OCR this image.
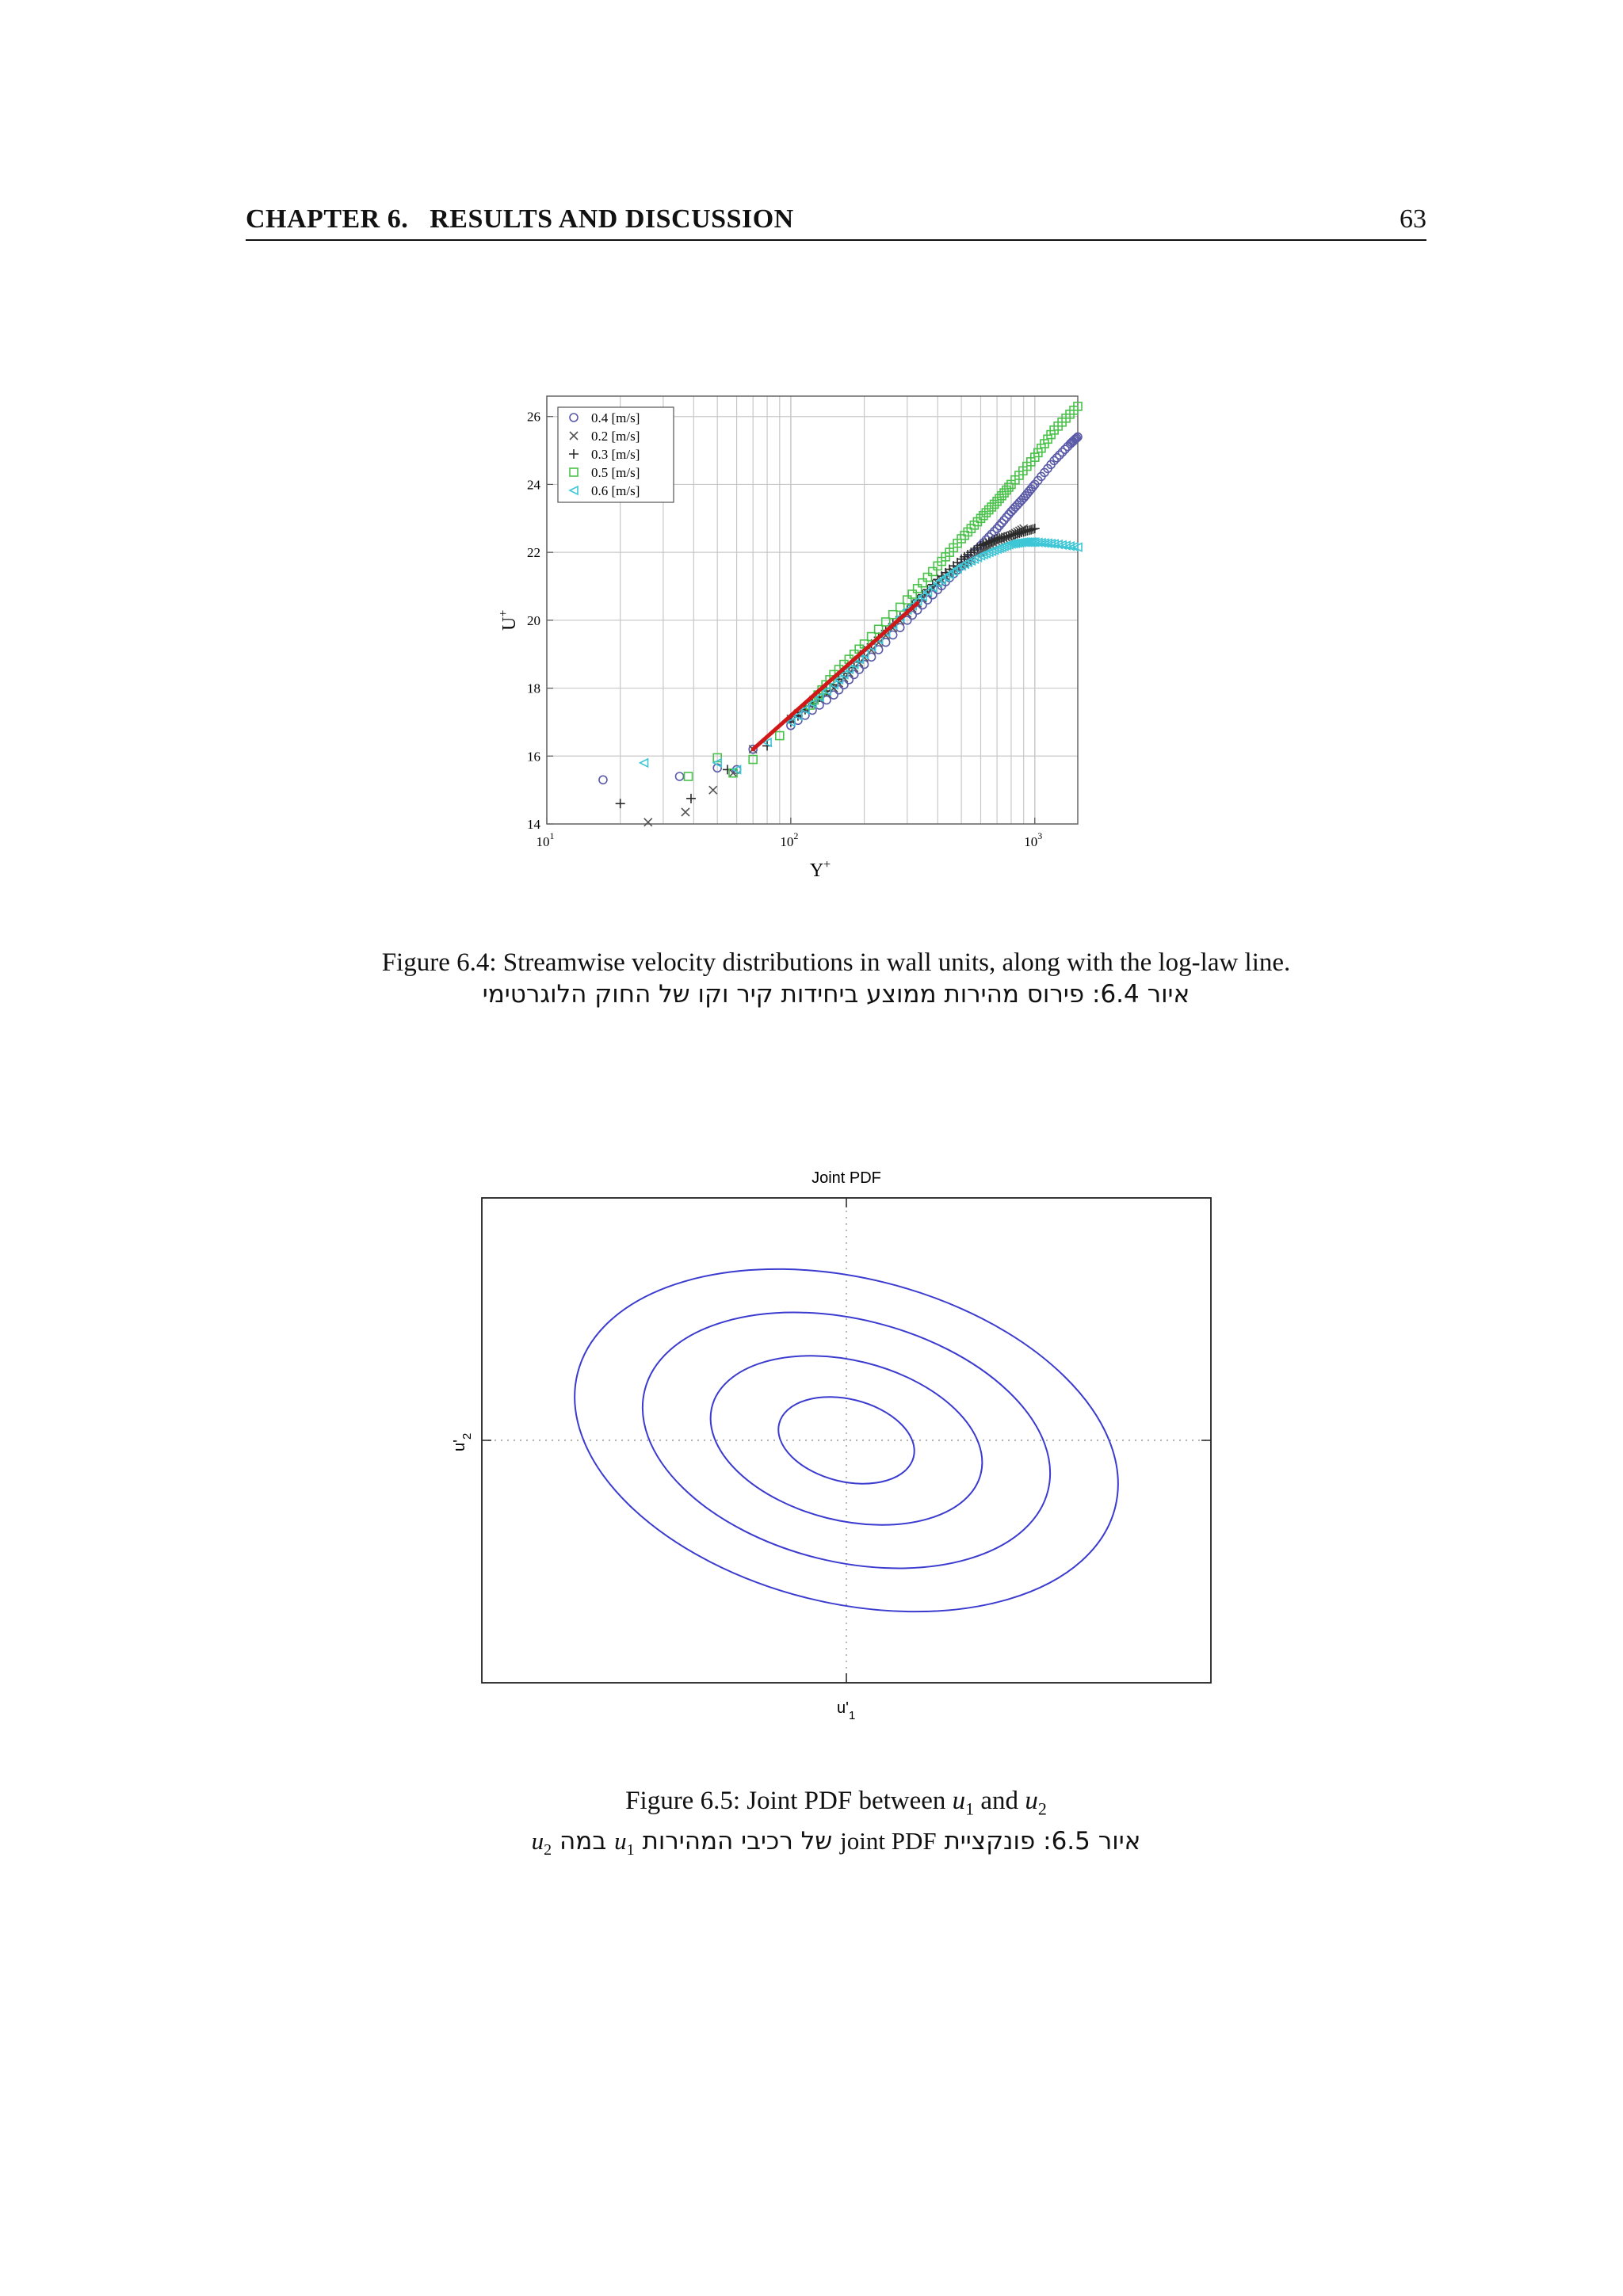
CHAPTER 6.   RESULTS AND DISCUSSION	63
14
16
18
20
22
24
26
$10^1$	$10^2$	$10^3$
0.4 [m/s]
0.2 [m/s]
0.3 [m/s]
0.5 [m/s]
0.6 [m/s]
Y+
U+
Figure 6.4: Streamwise velocity distributions in wall units, along with the log-law line.
איור 6.4: פירוס מהירות ממוצע ביחידות קיר וקו של החוק הלוגרטימי
Joint PDF
$u'_1$
$u'_2$
Figure 6.5: Joint PDF between $u_1$ and $u_2$
איור 6.5: פונקציית joint PDF של רכיבי המהירות $u_1$ במה $u_2$
